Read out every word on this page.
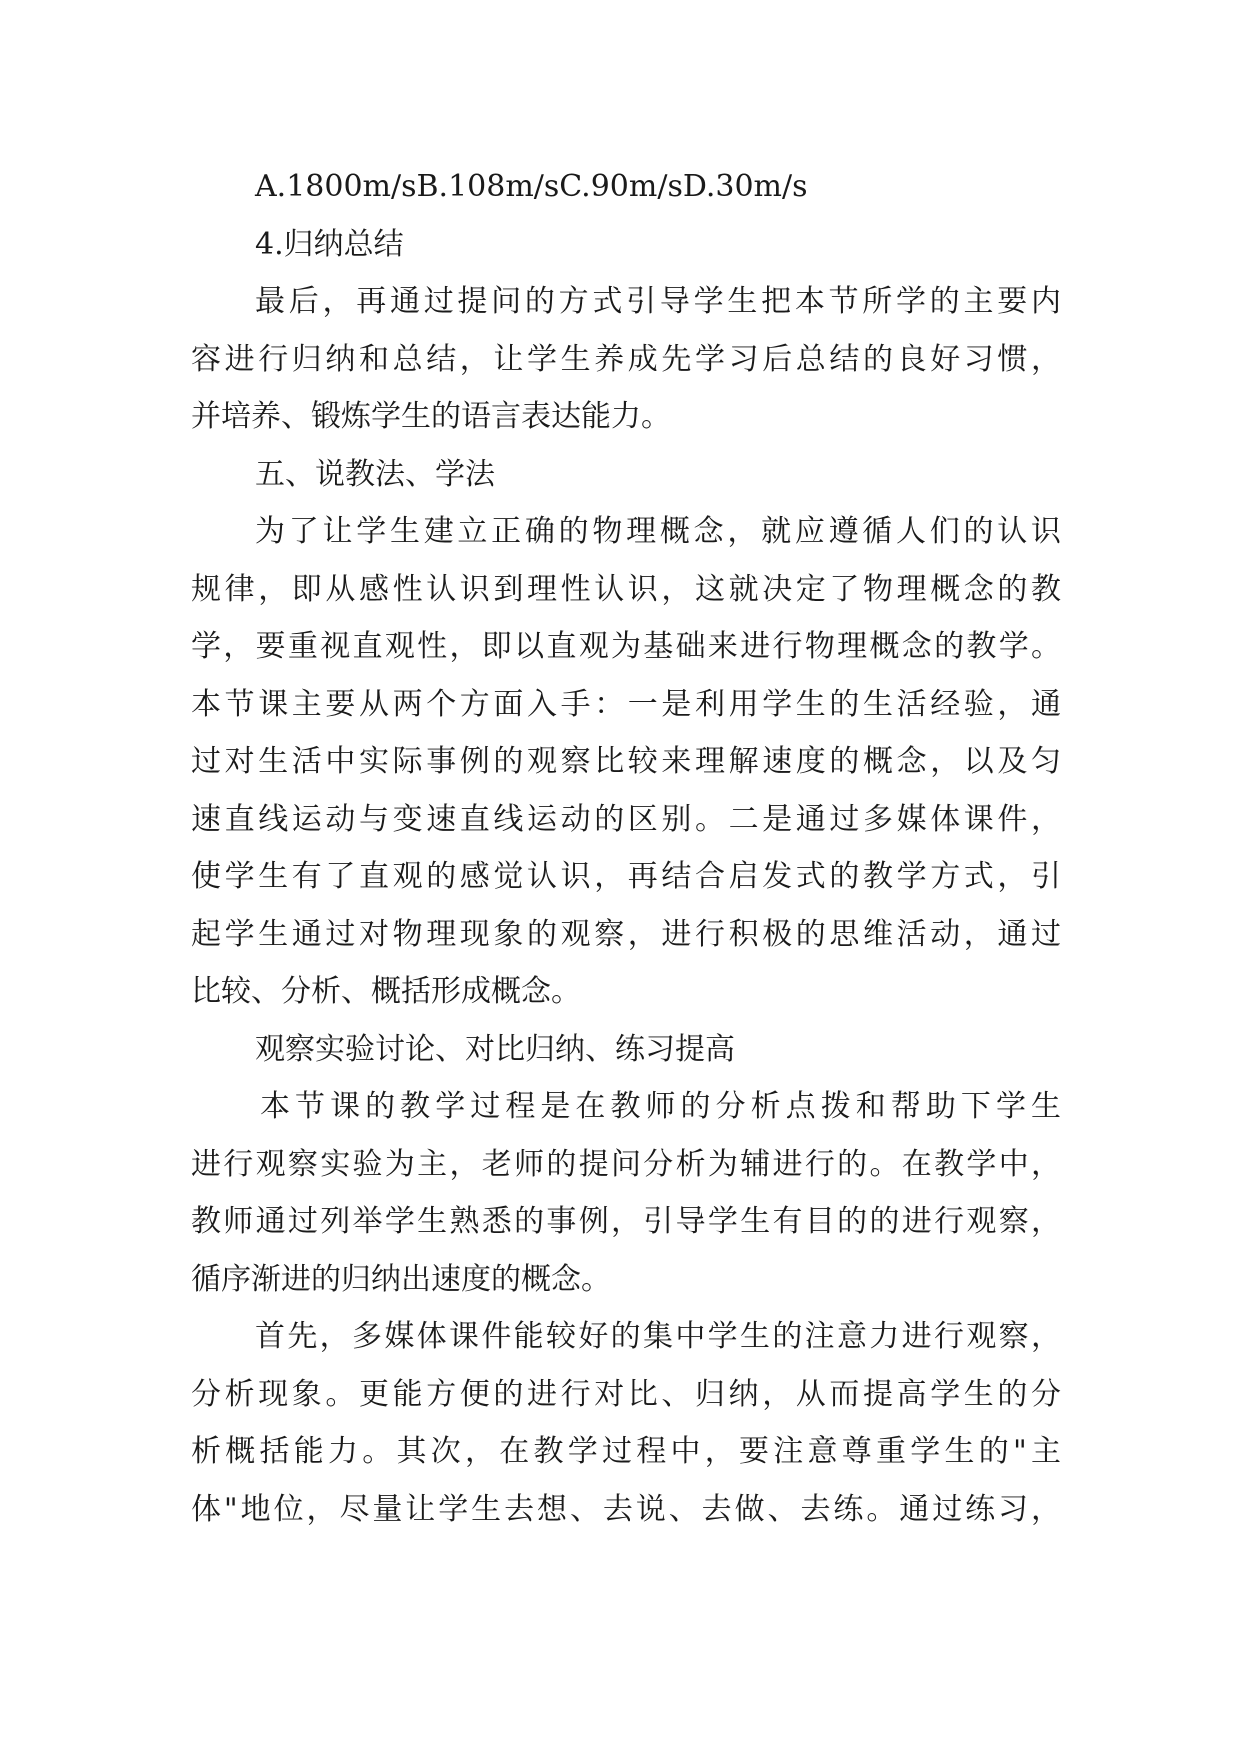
A.1800m/sB.108m/sC.90m/sD.30m/s
4.归纳总结
最后，再通过提问的方式引导学生把本节所学的主要内
容进行归纳和总结，让学生养成先学习后总结的良好习惯，
并培养、锻炼学生的语言表达能力。
五、说教法、学法
为了让学生建立正确的物理概念，就应遵循人们的认识
规律，即从感性认识到理性认识，这就决定了物理概念的教
学，要重视直观性，即以直观为基础来进行物理概念的教学。
本节课主要从两个方面入手：一是利用学生的生活经验，通
过对生活中实际事例的观察比较来理解速度的概念，以及匀
速直线运动与变速直线运动的区别。二是通过多媒体课件，
使学生有了直观的感觉认识，再结合启发式的教学方式，引
起学生通过对物理现象的观察，进行积极的思维活动，通过
比较、分析、概括形成概念。
观察实验讨论、对比归纳、练习提高
本节课的教学过程是在教师的分析点拨和帮助下学生
进行观察实验为主，老师的提问分析为辅进行的。在教学中，
教师通过列举学生熟悉的事例，引导学生有目的的进行观察，
循序渐进的归纳出速度的概念。
首先，多媒体课件能较好的集中学生的注意力进行观察，
分析现象。更能方便的进行对比、归纳，从而提高学生的分
析概括能力。其次，在教学过程中，要注意尊重学生的"主
体"地位，尽量让学生去想、去说、去做、去练。通过练习，
